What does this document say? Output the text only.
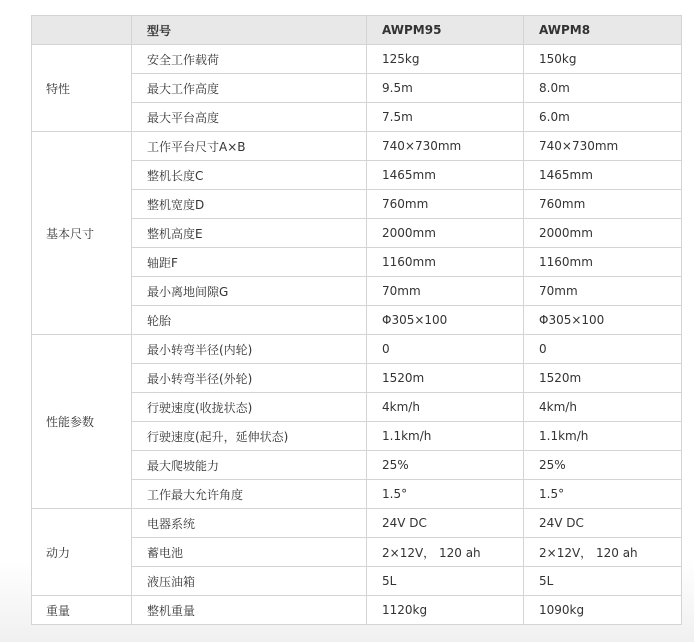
	型号	AWPM95	AWPM8
特性	安全工作载荷	125kg	150kg
	最大工作高度	9.5m	8.0m
	最大平台高度	7.5m	6.0m
基本尺寸	工作平台尺寸A×B	740×730mm	740×730mm
	整机长度C	1465mm	1465mm
	整机宽度D	760mm	760mm
	整机高度E	2000mm	2000mm
	轴距F	1160mm	1160mm
	最小离地间隙G	70mm	70mm
	轮胎	Φ305×100	Φ305×100
性能参数	最小转弯半径(内轮)	0	0
	最小转弯半径(外轮)	1520m	1520m
	行驶速度(收拢状态)	4km/h	4km/h
	行驶速度(起升，延伸状态)	1.1km/h	1.1km/h
	最大爬坡能力	25%	25%
	工作最大允许角度	1.5°	1.5°
动力	电器系统	24V DC	24V DC
	蓄电池	2×12V， 120 ah	2×12V， 120 ah
	液压油箱	5L	5L
重量	整机重量	1120kg	1090kg
